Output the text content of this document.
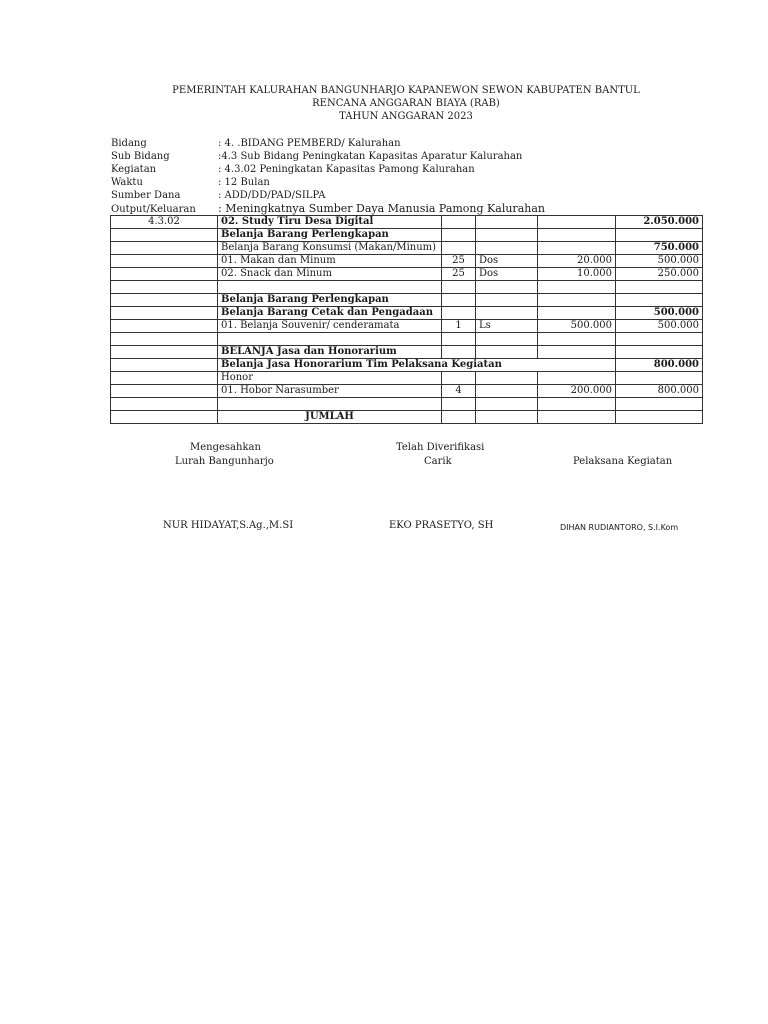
PEMERINTAH KALURAHAN BANGUNHARJO KAPANEWON SEWON KABUPATEN BANTUL
RENCANA ANGGARAN BIAYA (RAB)
TAHUN ANGGARAN 2023
Bidang	: 4. .BIDANG PEMBERD/ Kalurahan
Sub Bidang	:4.3 Sub Bidang Peningkatan Kapasitas Aparatur Kalurahan
Kegiatan	: 4.3.02 Peningkatan Kapasitas Pamong Kalurahan
Waktu	: 12 Bulan
Sumber Dana	: ADD/DD/PAD/SILPA
Output/Keluaran : Meningkatnya Sumber Daya Manusia Pamong Kalurahan
4.3.02	02. Study Tiru Desa Digital				2.050.000
	Belanja Barang Perlengkapan				
	Belanja Barang Konsumsi (Makan/Minum)				750.000
	01. Makan dan Minum	25	Dos	20.000	500.000
	02. Snack dan Minum	25	Dos	10.000	250.000

	Belanja Barang Perlengkapan				
	Belanja Barang Cetak dan Pengadaan				500.000
	01. Belanja Souvenir/ cenderamata	1	Ls	500.000	500.000

	BELANJA Jasa dan Honorarium				
	Belanja Jasa Honorarium Tim Pelaksana Kegiatan				800.000
	Honor				
	01. Hobor Narasumber	4		200.000	800.000

	JUMLAH				
Mengesahkan
Lurah Bangunharjo
Telah Diverifikasi
Carik	Pelaksana Kegiatan
NUR HIDAYAT,S.Ag.,M.SI	EKO PRASETYO, SH	DIHAN RUDIANTORO, S.I.Kom
